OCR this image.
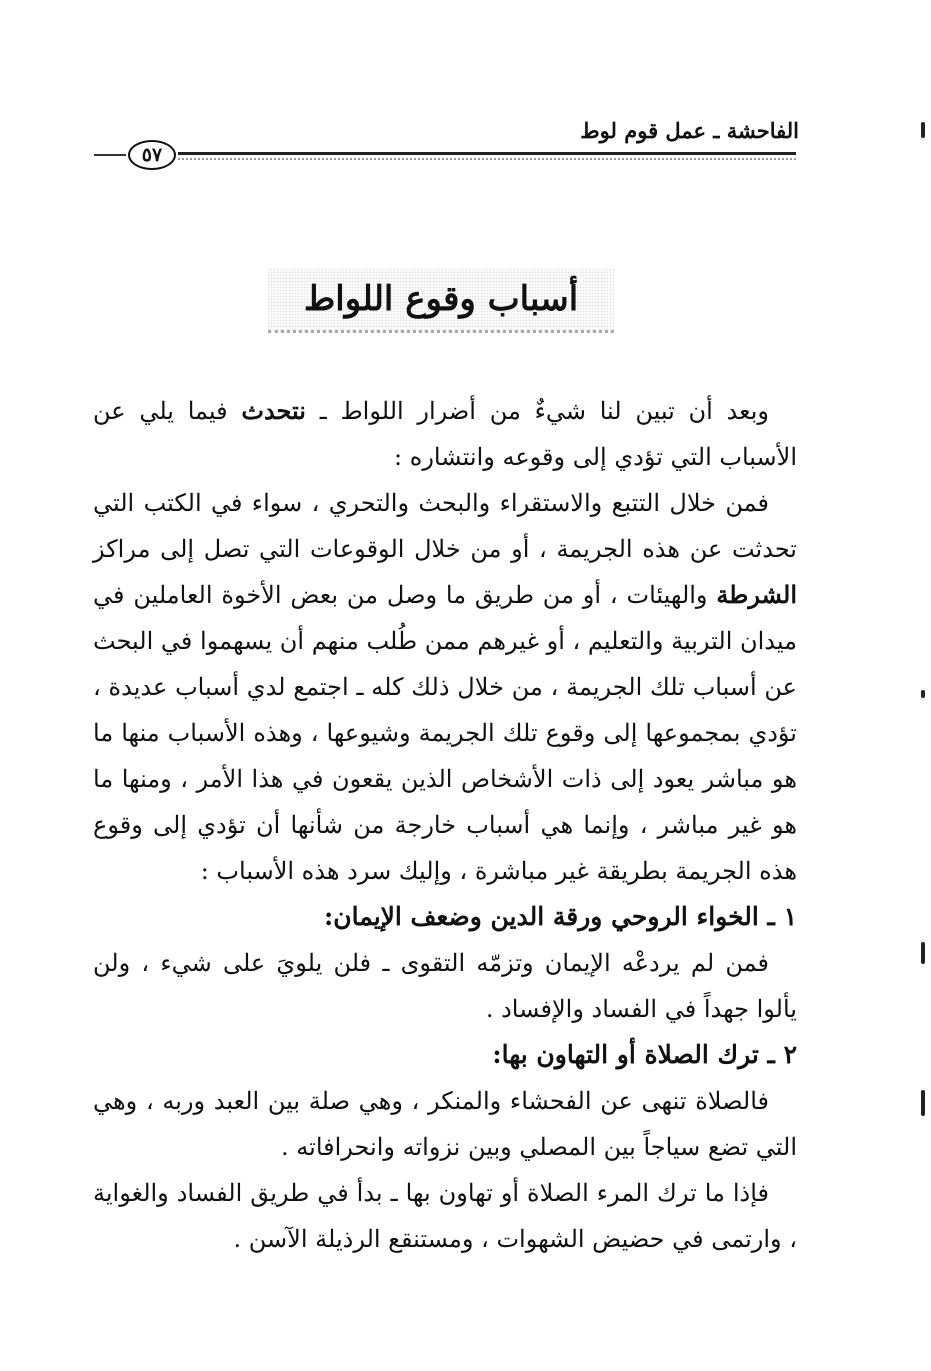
الفاحشة ـ عمل قوم لوط
٥٧
أسباب وقوع اللواط

وبعد أن تبين لنا شيءٌ من أضرار اللواط ـ نتحدث فيما يلي عن الأسباب التي تؤدي إلى وقوعه وانتشاره :

فمن خلال التتبع والاستقراء والبحث والتحري ، سواء في الكتب التي تحدثت عن هذه الجريمة ، أو من خلال الوقوعات التي تصل إلى مراكز الشرطة والهيئات ، أو من طريق ما وصل من بعض الأخوة العاملين في ميدان التربية والتعليم ، أو غيرهم ممن طُلب منهم أن يسهموا في البحث عن أسباب تلك الجريمة ، من خلال ذلك كله ـ اجتمع لدي أسباب عديدة ، تؤدي بمجموعها إلى وقوع تلك الجريمة وشيوعها ، وهذه الأسباب منها ما هو مباشر يعود إلى ذات الأشخاص الذين يقعون في هذا الأمر ، ومنها ما هو غير مباشر ، وإنما هي أسباب خارجة من شأنها أن تؤدي إلى وقوع هذه الجريمة بطريقة غير مباشرة ، وإليك سرد هذه الأسباب :

١ ـ الخواء الروحي ورقة الدين وضعف الإيمان:

فمن لم يردعْه الإيمان وتزمّه التقوى ـ فلن يلويَ على شيء ، ولن يألوا جهداً في الفساد والإفساد .

٢ ـ ترك الصلاة أو التهاون بها:

فالصلاة تنهى عن الفحشاء والمنكر ، وهي صلة بين العبد وربه ، وهي التي تضع سياجاً بين المصلي وبين نزواته وانحرافاته .

فإذا ما ترك المرء الصلاة أو تهاون بها ـ بدأ في طريق الفساد والغواية ، وارتمى في حضيض الشهوات ، ومستنقع الرذيلة الآسن .
